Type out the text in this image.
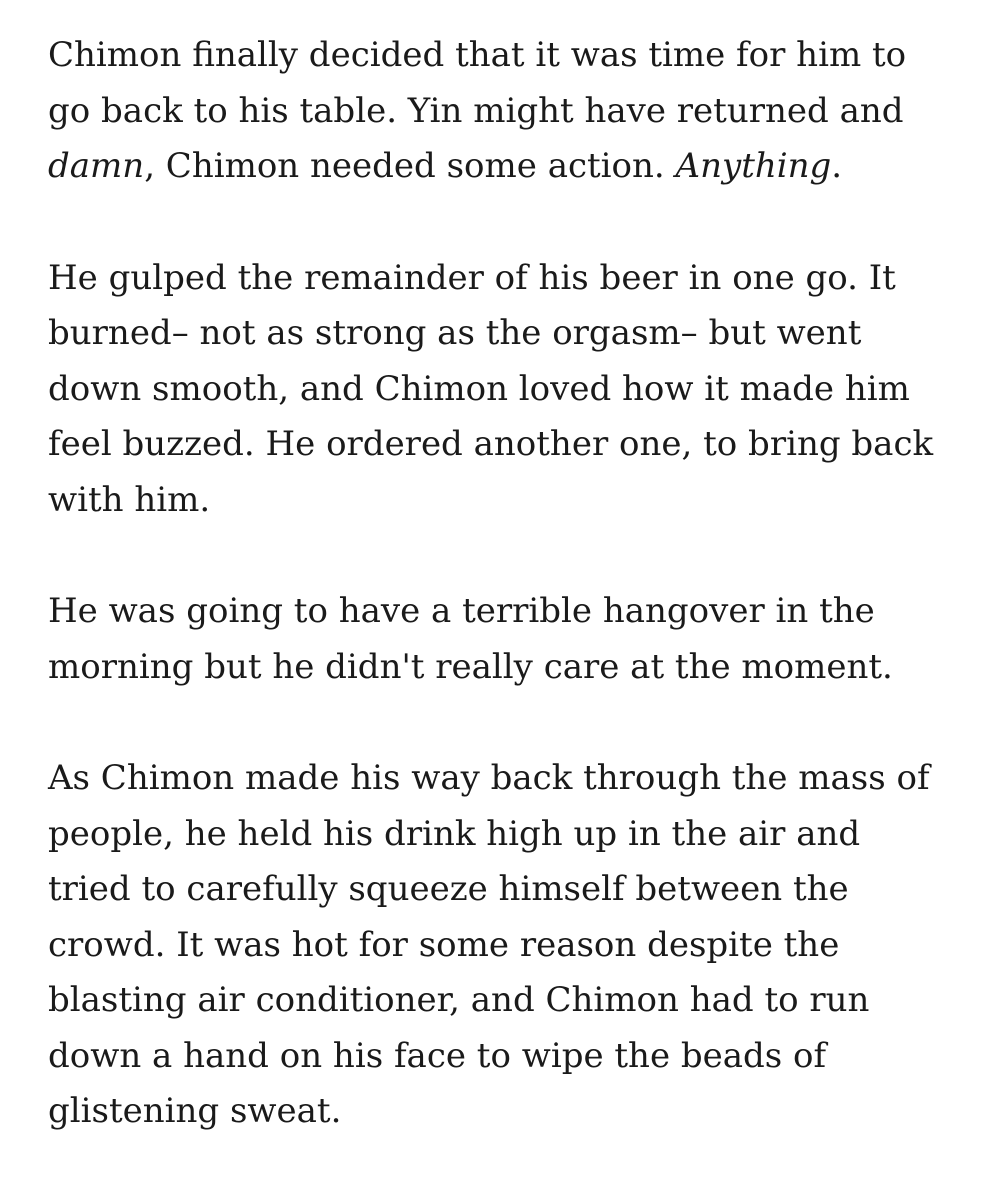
Chimon finally decided that it was time for him to
go back to his table. Yin might have returned and
damn, Chimon needed some action. Anything.

He gulped the remainder of his beer in one go. It
burned– not as strong as the orgasm– but went
down smooth, and Chimon loved how it made him
feel buzzed. He ordered another one, to bring back
with him.

He was going to have a terrible hangover in the
morning but he didn't really care at the moment.

As Chimon made his way back through the mass of
people, he held his drink high up in the air and
tried to carefully squeeze himself between the
crowd. It was hot for some reason despite the
blasting air conditioner, and Chimon had to run
down a hand on his face to wipe the beads of
glistening sweat.
